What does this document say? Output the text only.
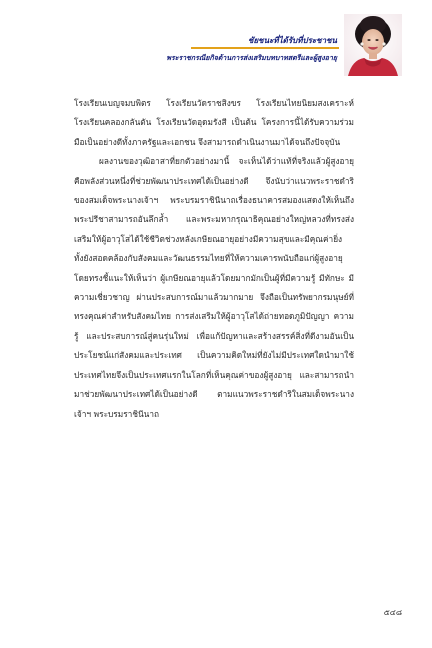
ชัยชนะที่ได้รับที่ประชาชน
พระราชกรณียกิจด้านการส่งเสริมบทบาทสตรีและผู้สูงอายุ

โรงเรียนเบญจมบพิตร โรงเรียนวัดราชสิงขร โรงเรียนไทยนิยมสงเคราะห์ โรงเรียนคลองกลันตัน โรงเรียนวัดอุดมรังสี เป็นต้น โครงการนี้ได้รับความร่วมมือเป็นอย่างดีทั้งภาครัฐและเอกชน จึงสามารถดำเนินงานมาได้จนถึงปัจจุบัน

ผลงานของวุฒิอาสาที่ยกตัวอย่างมานี้ จะเห็นได้ว่าแท้ที่จริงแล้วผู้สูงอายุคือพลังส่วนหนึ่งที่ช่วยพัฒนาประเทศได้เป็นอย่างดี จึงนับว่าแนวพระราชดำริของสมเด็จพระนางเจ้าฯ พระบรมราชินีนาถเรื่องธนาคารสมองแสดงให้เห็นถึงพระปรีชาสามารถอันลึกล้ำ และพระมหากรุณาธิคุณอย่างใหญ่หลวงที่ทรงส่งเสริมให้ผู้อาวุโสได้ใช้ชีวิตช่วงหลังเกษียณอายุอย่างมีความสุขและมีคุณค่ายิ่ง ทั้งยังสอดคล้องกับสังคมและวัฒนธรรมไทยที่ให้ความเคารพนับถือแก่ผู้สูงอายุ โดยทรงชี้แนะให้เห็นว่า ผู้เกษียณอายุแล้วโดยมากมักเป็นผู้ที่มีความรู้ มีทักษะ มีความเชี่ยวชาญ ผ่านประสบการณ์มาแล้วมากมาย จึงถือเป็นทรัพยากรมนุษย์ที่ทรงคุณค่าสำหรับสังคมไทย การส่งเสริมให้ผู้อาวุโสได้ถ่ายทอดภูมิปัญญา ความรู้ และประสบการณ์สู่คนรุ่นใหม่ เพื่อแก้ปัญหาและสร้างสรรค์สิ่งที่ดีงามอันเป็นประโยชน์แก่สังคมและประเทศ เป็นความคิดใหม่ที่ยังไม่มีประเทศใดนำมาใช้ ประเทศไทยจึงเป็นประเทศแรกในโลกที่เห็นคุณค่าของผู้สูงอายุ และสามารถนำมาช่วยพัฒนาประเทศได้เป็นอย่างดี ตามแนวพระราชดำริในสมเด็จพระนางเจ้าฯ พระบรมราชินีนาถ

๕๔๘
